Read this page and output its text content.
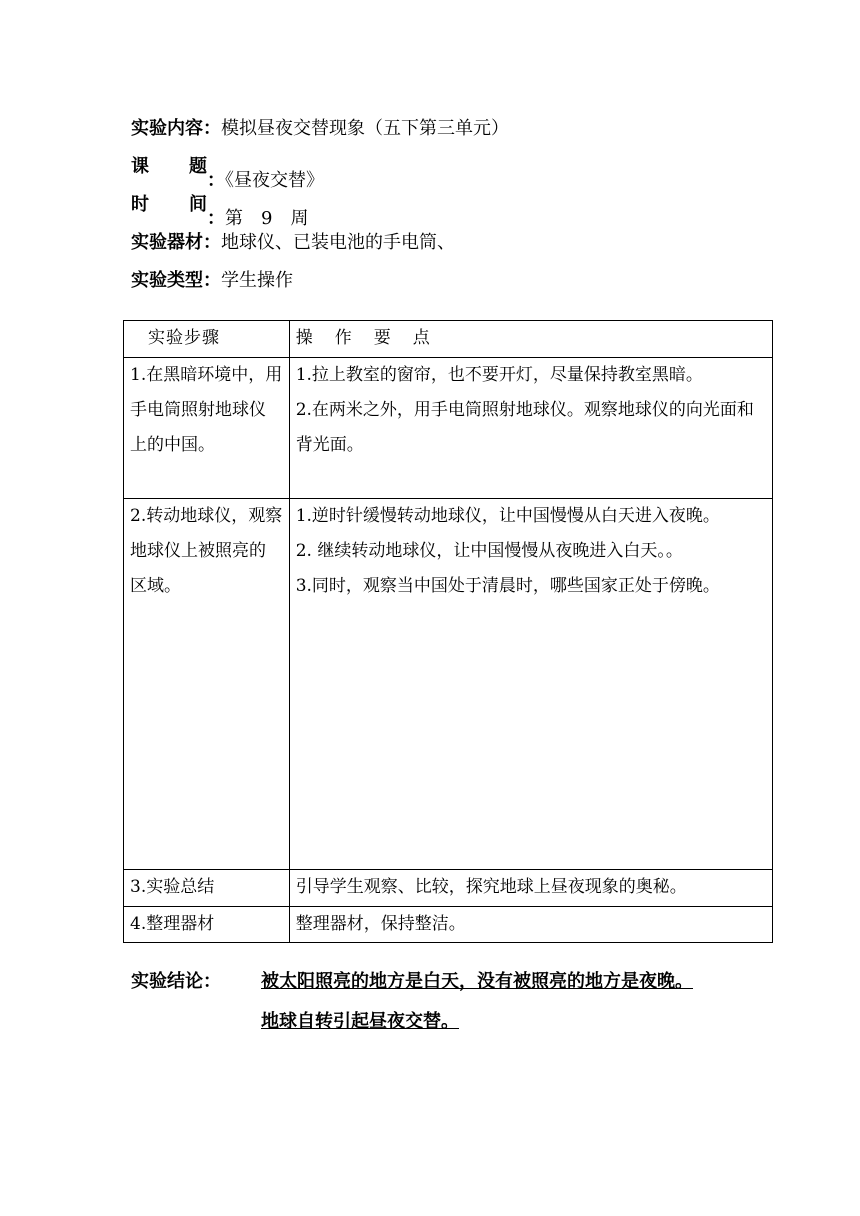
实验内容：模拟昼夜交替现象（五下第三单元）
课 题
：《昼夜交替》
时 间
：第 9 周
实验器材：地球仪、已装电池的手电筒、
实验类型：学生操作
实验步骤	操作要点
1.在黑暗环境中，用手电筒照射地球仪上的中国。	1.拉上教室的窗帘，也不要开灯，尽量保持教室黑暗。
2.在两米之外，用手电筒照射地球仪。观察地球仪的向光面和背光面。

2.转动地球仪，观察地球仪上被照亮的区域。	1.逆时针缓慢转动地球仪，让中国慢慢从白天进入夜晚。
2. 继续转动地球仪，让中国慢慢从夜晚进入白天。。
3.同时，观察当中国处于清晨时，哪些国家正处于傍晚。

3.实验总结	引导学生观察、比较，探究地球上昼夜现象的奥秘。

4.整理器材	整理器材，保持整洁。
实验结论： 被太阳照亮的地方是白天，没有被照亮的地方是夜晚。
地球自转引起昼夜交替。
